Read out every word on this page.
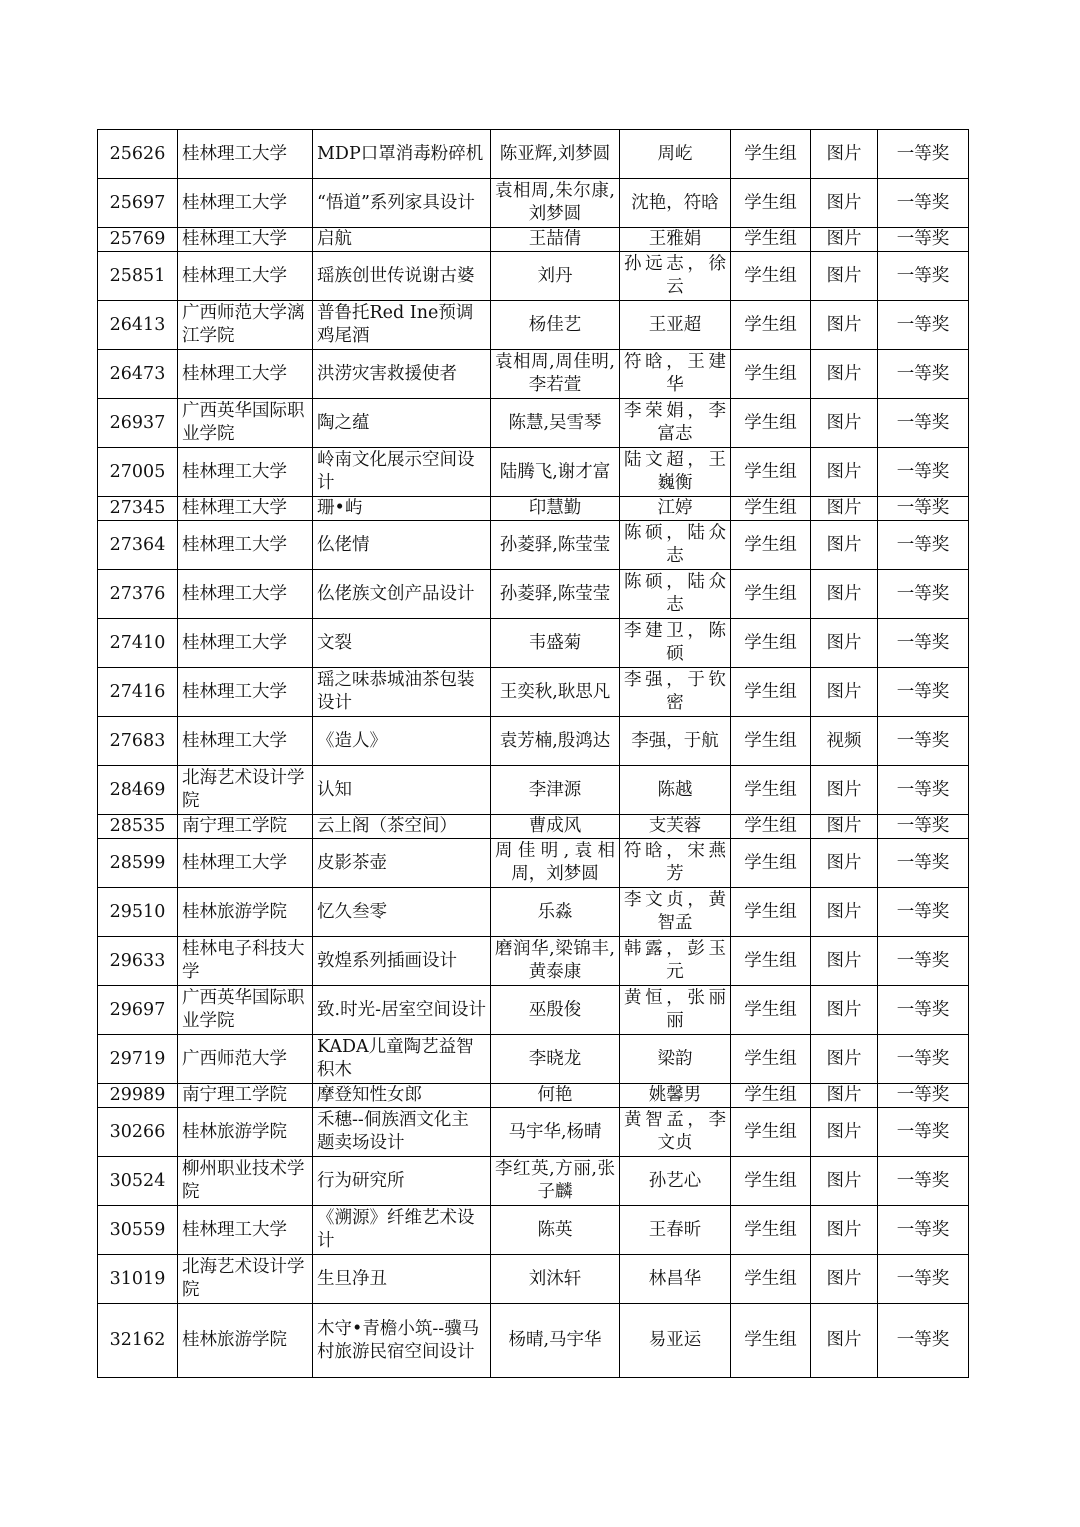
25626	桂林理工大学	MDP口罩消毒粉碎机	陈亚辉,刘梦圆	周屹	学生组	图片	一等奖
25697	桂林理工大学	“悟道”系列家具设计	袁相周,朱尔康,刘梦圆	沈艳，符晗	学生组	图片	一等奖
25769	桂林理工大学	启航	王喆倩	王雅娟	学生组	图片	一等奖
25851	桂林理工大学	瑶族创世传说谢古婆	刘丹	孙远志，徐云	学生组	图片	一等奖
26413	广西师范大学漓江学院	普鲁托Red Ine预调鸡尾酒	杨佳艺	王亚超	学生组	图片	一等奖
26473	桂林理工大学	洪涝灾害救援使者	袁相周,周佳明,李若萱	符晗，王建华	学生组	图片	一等奖
26937	广西英华国际职业学院	陶之蕴	陈慧,吴雪琴	李荣娟，李富志	学生组	图片	一等奖
27005	桂林理工大学	岭南文化展示空间设计	陆腾飞,谢才富	陆文超，王巍衡	学生组	图片	一等奖
27345	桂林理工大学	珊•屿	印慧勤	江婷	学生组	图片	一等奖
27364	桂林理工大学	仫佬情	孙菱驿,陈莹莹	陈硕，陆众志	学生组	图片	一等奖
27376	桂林理工大学	仫佬族文创产品设计	孙菱驿,陈莹莹	陈硕，陆众志	学生组	图片	一等奖
27410	桂林理工大学	文裂	韦盛菊	李建卫，陈硕	学生组	图片	一等奖
27416	桂林理工大学	瑶之味恭城油茶包装设计	王奕秋,耿思凡	李强，于钦密	学生组	图片	一等奖
27683	桂林理工大学	《造人》	袁芳楠,殷鸿达	李强，于航	学生组	视频	一等奖
28469	北海艺术设计学院	认知	李津源	陈越	学生组	图片	一等奖
28535	南宁理工学院	云上阁（茶空间）	曹成风	支芙蓉	学生组	图片	一等奖
28599	桂林理工大学	皮影茶壶	周佳明,袁相周，刘梦圆	符晗，宋燕芳	学生组	图片	一等奖
29510	桂林旅游学院	忆久叁零	乐淼	李文贞，黄智孟	学生组	图片	一等奖
29633	桂林电子科技大学	敦煌系列插画设计	磨润华,梁锦丰,黄泰康	韩露，彭玉元	学生组	图片	一等奖
29697	广西英华国际职业学院	致.时光-居室空间设计	巫殷俊	黄恒，张丽丽	学生组	图片	一等奖
29719	广西师范大学	KADA儿童陶艺益智积木	李晓龙	梁韵	学生组	图片	一等奖
29989	南宁理工学院	摩登知性女郎	何艳	姚馨男	学生组	图片	一等奖
30266	桂林旅游学院	禾穗--侗族酒文化主题卖场设计	马宇华,杨晴	黄智孟，李文贞	学生组	图片	一等奖
30524	柳州职业技术学院	行为研究所	李红英,方丽,张子麟	孙艺心	学生组	图片	一等奖
30559	桂林理工大学	《溯源》纤维艺术设计	陈英	王春昕	学生组	图片	一等奖
31019	北海艺术设计学院	生旦净丑	刘沐轩	林昌华	学生组	图片	一等奖
32162	桂林旅游学院	木守•青檐小筑--骥马村旅游民宿空间设计	杨晴,马宇华	易亚运	学生组	图片	一等奖
